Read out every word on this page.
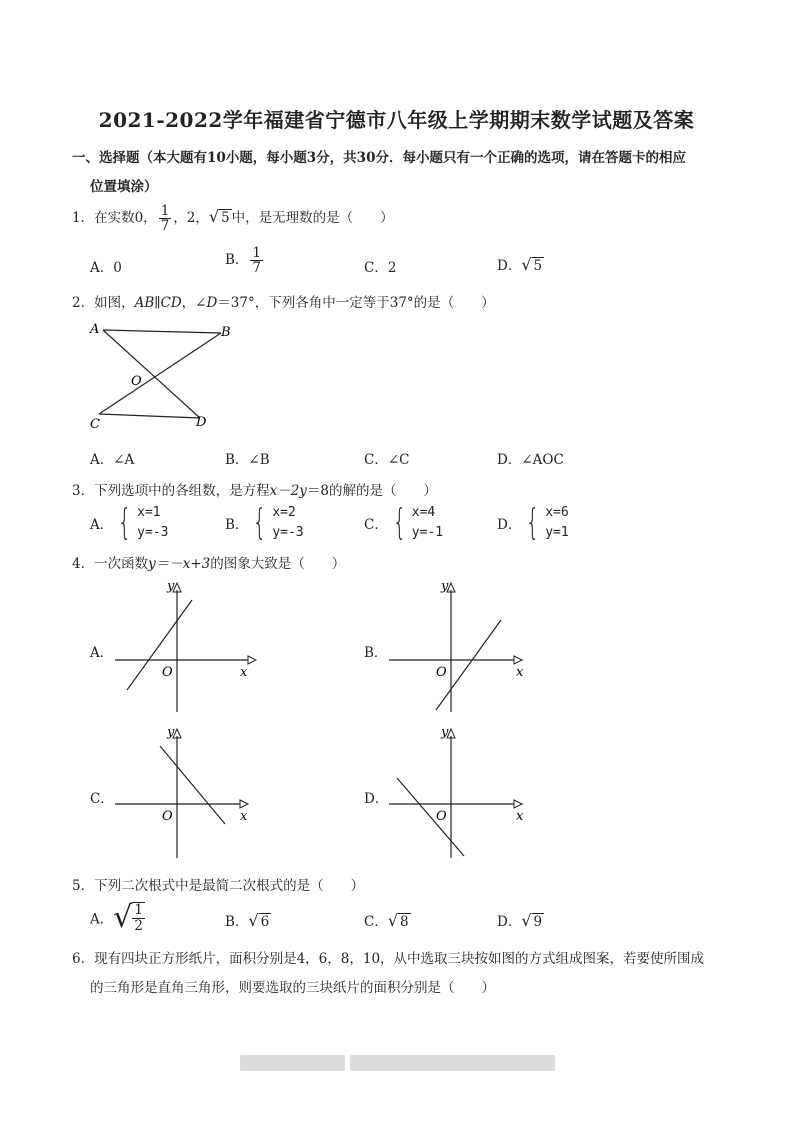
2021-2022学年福建省宁德市八年级上学期期末数学试题及答案
一、选择题（本大题有10小题，每小题3分，共30分．每小题只有一个正确的选项，请在答题卡的相应
位置填涂）
1．在实数0， $\frac{1}{7}$ ，2，√ 5 中，是无理数的是（　　）
A．0	B． $\frac{1}{7}$	C．2	D．√ 5
2．如图，AB∥CD，∠D＝37°，下列各角中一定等于37°的是（　　）
A	B
O
C	D
A．∠A	B．∠B	C．∠C	D．∠AOC
3．下列选项中的各组数，是方程x－2y＝8的解的是（　　）
A． { x=1
y=-3	B． { x=2
y=-3	C． { x=4
y=-1	D． { x=6
y=1
4．一次函数y＝－x+3的图象大致是（　　）
A．
O	x
y
B．
O	x
y
C．
O	x
y
D．
O	x
y
5．下列二次根式中是最简二次根式的是（　　）
A．√ $\frac{1}{2}$	B．√ 6	C．√ 8	D．√ 9
6．现有四块正方形纸片，面积分别是4，6，8，10，从中选取三块按如图的方式组成图案，若要使所围成
的三角形是直角三角形，则要选取的三块纸片的面积分别是（　　）
